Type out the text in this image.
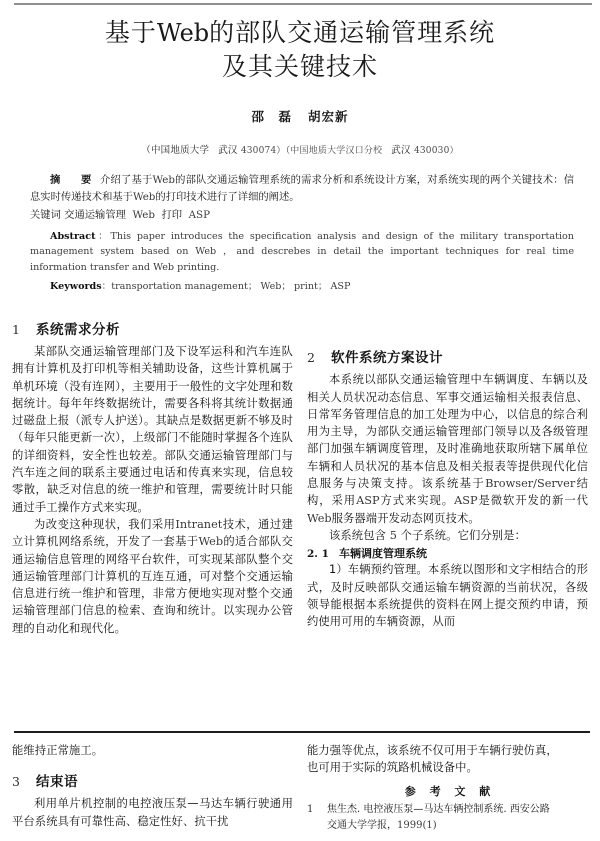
基于Web的部队交通运输管理系统
及其关键技术
邵　磊 胡宏新
（中国地质大学 武汉 430074）（中国地质大学汉口分校 武汉 430030）
摘　要 介绍了基于Web的部队交通运输管理系统的需求分析和系统设计方案，对系统实现的两个关键技术：信息实时传递技术和基于Web的打印技术进行了详细的阐述。
关键词 交通运输管理 Web 打印 ASP
Abstract：This paper introduces the specification analysis and design of the military transportation management system based on Web ，and descrebes in detail the important techniques for real time information transfer and Web printing.
Keywords：transportation management； Web； print； ASP
1	系统需求分析

某部队交通运输管理部门及下设军运科和汽车连队拥有计算机及打印机等相关辅助设备，这些计算机属于单机环境（没有连网），主要用于一般性的文字处理和数据统计。每年年终数据统计，需要各科将其统计数据通过磁盘上报（派专人护送）。其缺点是数据更新不够及时（每年只能更新一次），上级部门不能随时掌握各个连队的详细资料，安全性也较差。部队交通运输管理部门与汽车连之间的联系主要通过电话和传真来实现，信息较零散，缺乏对信息的统一维护和管理，需要统计时只能通过手工操作方式来实现。

为改变这种现状，我们采用Intranet技术，通过建立计算机网络系统，开发了一套基于Web的适合部队交通运输信息管理的网络平台软件，可实现某部队整个交通运输管理部门计算机的互连互通，可对整个交通运输信息进行统一维护和管理，非常方便地实现对整个交通运输管理部门信息的检索、查询和统计。以实现办公管理的自动化和现代化。

2	软件系统方案设计

本系统以部队交通运输管理中车辆调度、车辆以及相关人员状况动态信息、军事交通运输相关报表信息、日常军务管理信息的加工处理为中心，以信息的综合利用为主导，为部队交通运输管理部门领导以及各级管理部门加强车辆调度管理，及时准确地获取所辖下属单位车辆和人员状况的基本信息及相关报表等提供现代化信息服务与决策支持。该系统基于Browser/Server结构，采用ASP方式来实现。ASP是微软开发的新一代Web服务器端开发动态网页技术。

该系统包含 5 个子系统。它们分别是：

2. 1 车辆调度管理系统

1）车辆预约管理。本系统以图形和文字相结合的形式，及时反映部队交通运输车辆资源的当前状况，各级领导能根据本系统提供的资料在网上提交预约申请，预约使用可用的车辆资源，从而

能维持正常施工。

3	结束语

利用单片机控制的电控液压泵—马达车辆行驶通用平台系统具有可靠性高、稳定性好、抗干扰

能力强等优点，该系统不仅可用于车辆行驶仿真，

也可用于实际的筑路机械设备中。

参 考 文 献
1	焦生杰. 电控液压泵—马达车辆控制系统. 西安公路
交通大学学报，1999(1)
